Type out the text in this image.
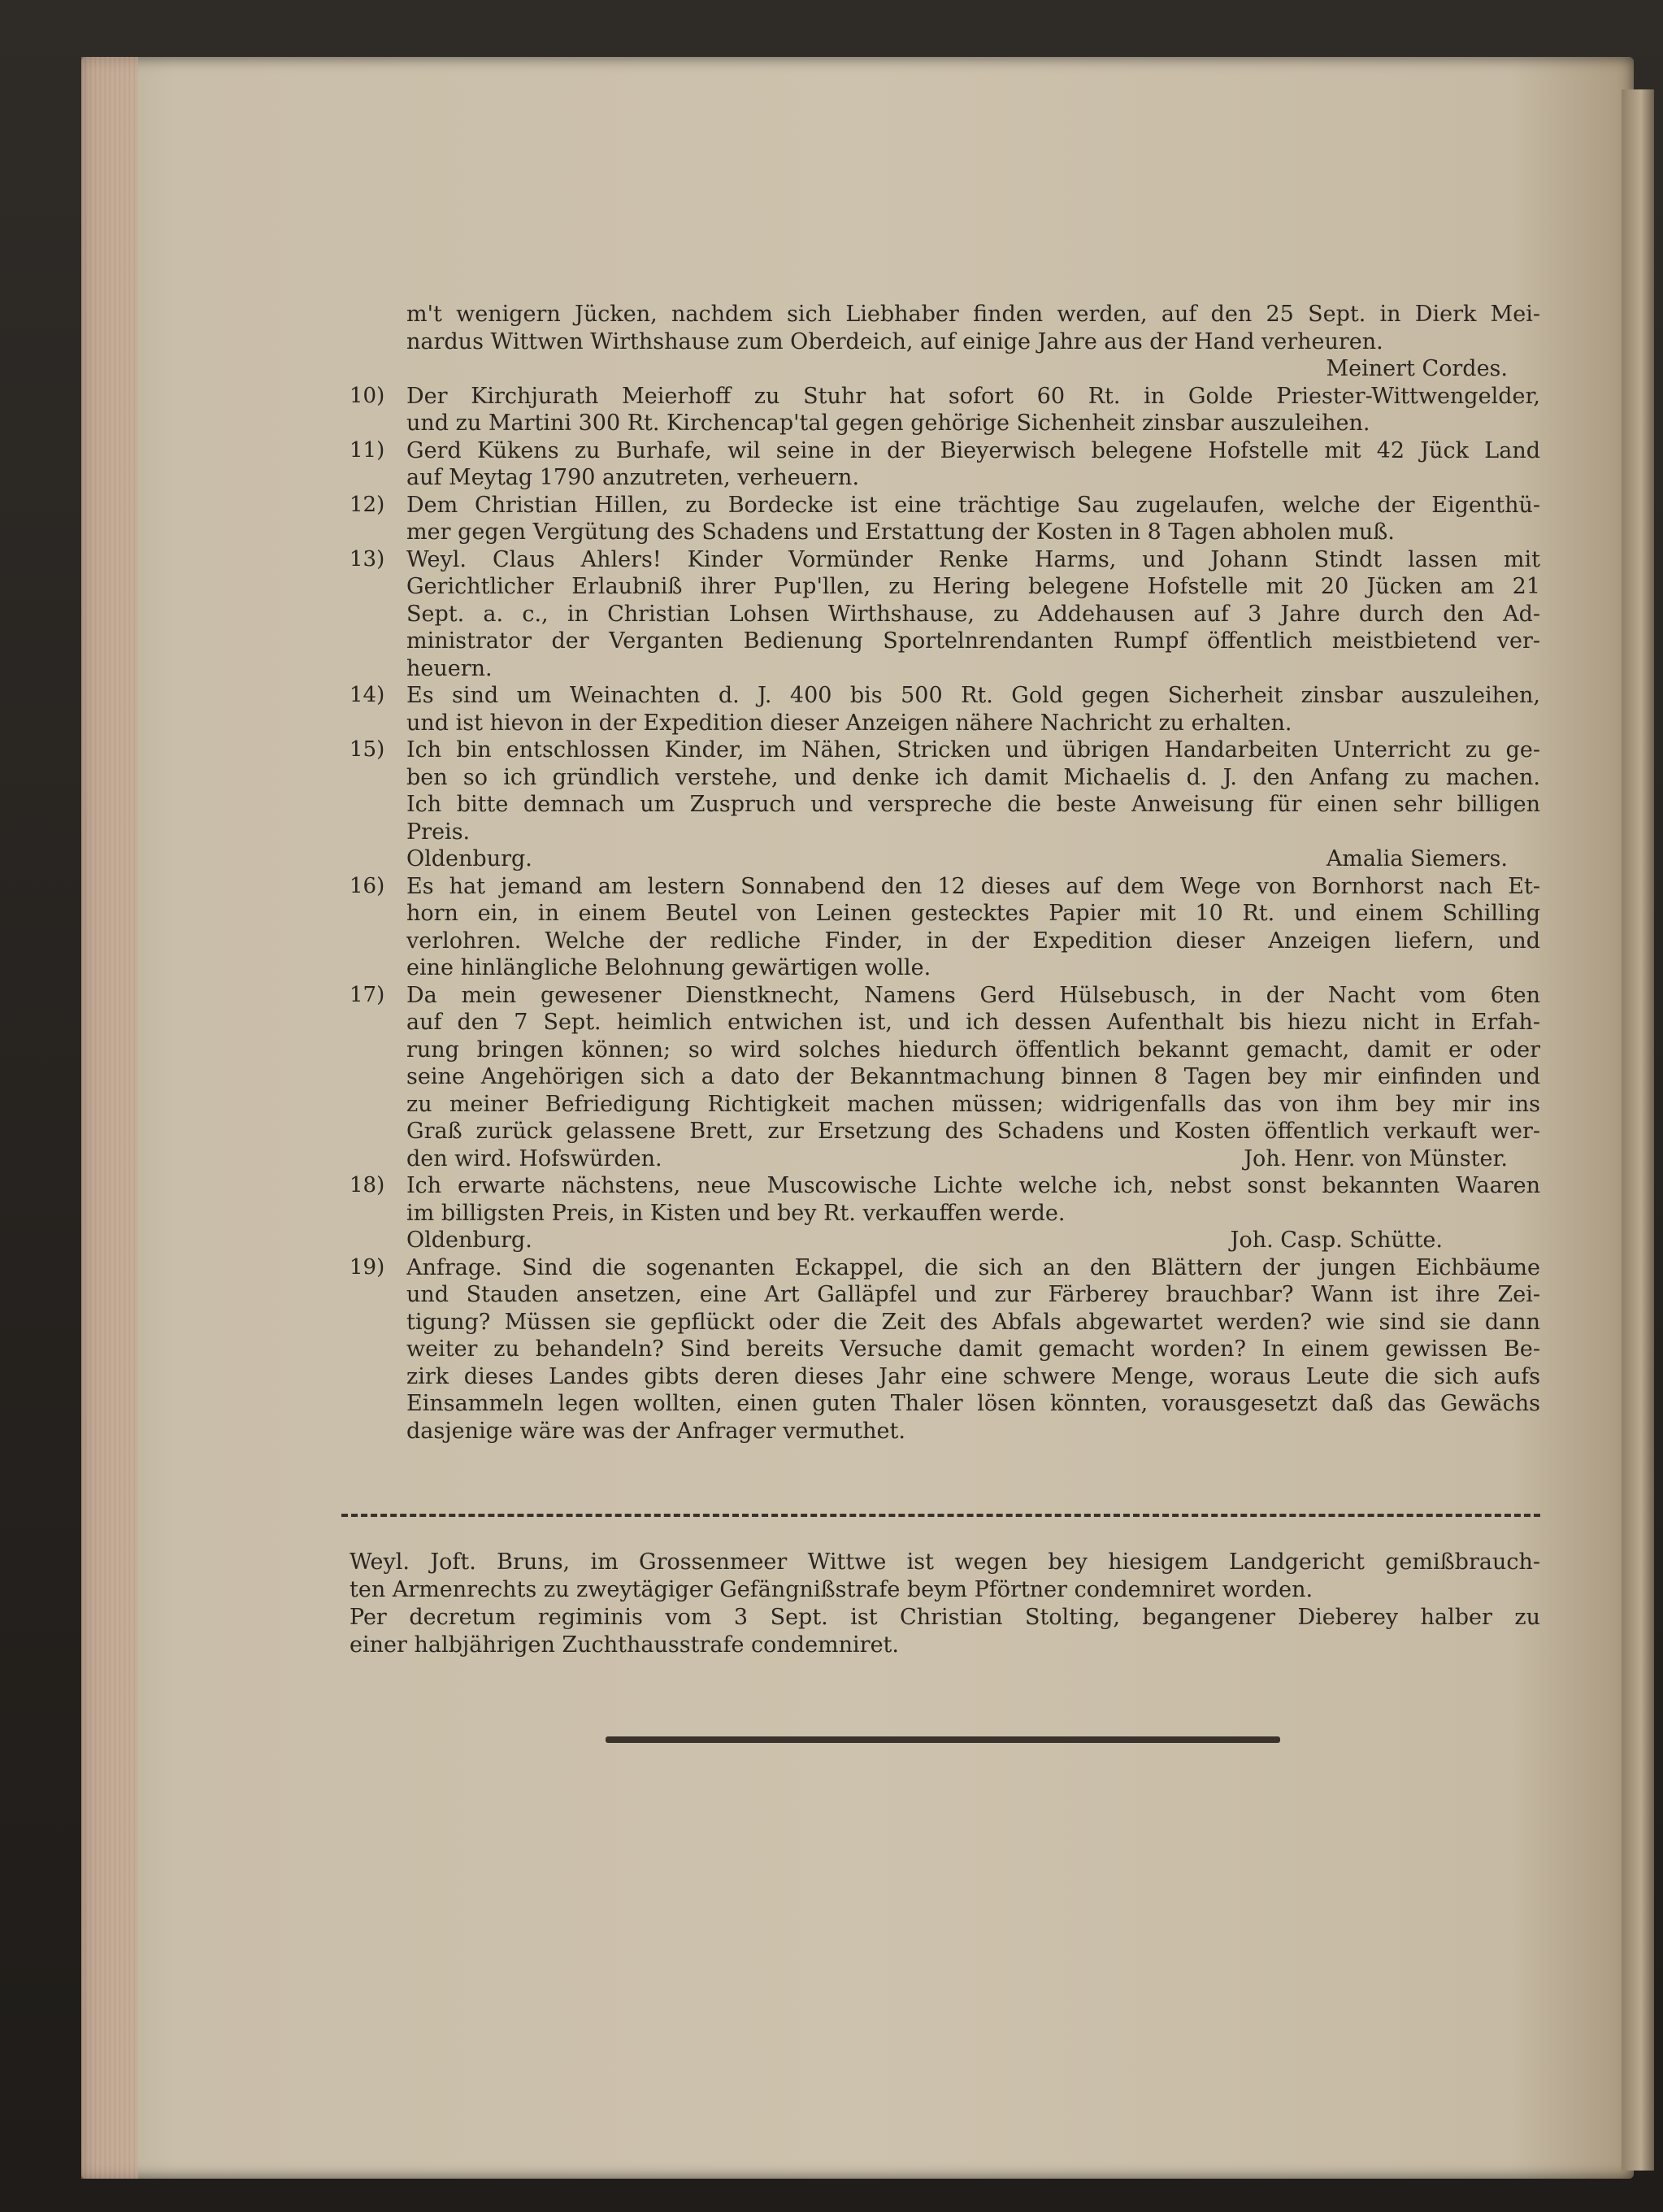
m't wenigern Jücken, nachdem sich Liebhaber finden werden, auf den 25 Sept. in Dierk Mei-
nardus Wittwen Wirthshause zum Oberdeich, auf einige Jahre aus der Hand verheuren.
Meinert Cordes.
10) Der Kirchjurath Meierhoff zu Stuhr hat sofort 60 Rt. in Golde Priester-Wittwengelder,
und zu Martini 300 Rt. Kirchencap'tal gegen gehörige Sichenheit zinsbar auszuleihen.
11) Gerd Kükens zu Burhafe, wil seine in der Bieyerwisch belegene Hofstelle mit 42 Jück Land
auf Meytag 1790 anzutreten, verheuern.
12) Dem Christian Hillen, zu Bordecke ist eine trächtige Sau zugelaufen, welche der Eigenthü-
mer gegen Vergütung des Schadens und Erstattung der Kosten in 8 Tagen abholen muß.
13) Weyl. Claus Ahlers! Kinder Vormünder Renke Harms, und Johann Stindt lassen mit
Gerichtlicher Erlaubniß ihrer Pup'llen, zu Hering belegene Hofstelle mit 20 Jücken am 21
Sept. a. c., in Christian Lohsen Wirthshause, zu Addehausen auf 3 Jahre durch den Ad-
ministrator der Verganten Bedienung Sportelnrendanten Rumpf öffentlich meistbietend ver-
heuern.
14) Es sind um Weinachten d. J. 400 bis 500 Rt. Gold gegen Sicherheit zinsbar auszuleihen,
und ist hievon in der Expedition dieser Anzeigen nähere Nachricht zu erhalten.
15) Ich bin entschlossen Kinder, im Nähen, Stricken und übrigen Handarbeiten Unterricht zu ge-
ben so ich gründlich verstehe, und denke ich damit Michaelis d. J. den Anfang zu machen.
Ich bitte demnach um Zuspruch und verspreche die beste Anweisung für einen sehr billigen
Preis.
Oldenburg.	Amalia Siemers.
16) Es hat jemand am lestern Sonnabend den 12 dieses auf dem Wege von Bornhorst nach Et-
horn ein, in einem Beutel von Leinen gestecktes Papier mit 10 Rt. und einem Schilling
verlohren. Welche der redliche Finder, in der Expedition dieser Anzeigen liefern, und
eine hinlängliche Belohnung gewärtigen wolle.
17) Da mein gewesener Dienstknecht, Namens Gerd Hülsebusch, in der Nacht vom 6ten
auf den 7 Sept. heimlich entwichen ist, und ich dessen Aufenthalt bis hiezu nicht in Erfah-
rung bringen können; so wird solches hiedurch öffentlich bekannt gemacht, damit er oder
seine Angehörigen sich a dato der Bekanntmachung binnen 8 Tagen bey mir einfinden und
zu meiner Befriedigung Richtigkeit machen müssen; widrigenfalls das von ihm bey mir ins
Graß zurück gelassene Brett, zur Ersetzung des Schadens und Kosten öffentlich verkauft wer-
den wird. Hofswürden.	Joh. Henr. von Münster.
18) Ich erwarte nächstens, neue Muscowische Lichte welche ich, nebst sonst bekannten Waaren
im billigsten Preis, in Kisten und bey Rt. verkauffen werde.
Oldenburg.	Joh. Casp. Schütte.
19) Anfrage. Sind die sogenanten Eckappel, die sich an den Blättern der jungen Eichbäume
und Stauden ansetzen, eine Art Galläpfel und zur Färberey brauchbar? Wann ist ihre Zei-
tigung? Müssen sie gepflückt oder die Zeit des Abfals abgewartet werden? wie sind sie dann
weiter zu behandeln? Sind bereits Versuche damit gemacht worden? In einem gewissen Be-
zirk dieses Landes gibts deren dieses Jahr eine schwere Menge, woraus Leute die sich aufs
Einsammeln legen wollten, einen guten Thaler lösen könnten, vorausgesetzt daß das Gewächs
dasjenige wäre was der Anfrager vermuthet.
Weyl. Joft. Bruns, im Grossenmeer Wittwe ist wegen bey hiesigem Landgericht gemißbrauch-
ten Armenrechts zu zweytägiger Gefängnißstrafe beym Pförtner condemniret worden.
Per decretum regiminis vom 3 Sept. ist Christian Stolting, begangener Dieberey halber zu
einer halbjährigen Zuchthausstrafe condemniret.
